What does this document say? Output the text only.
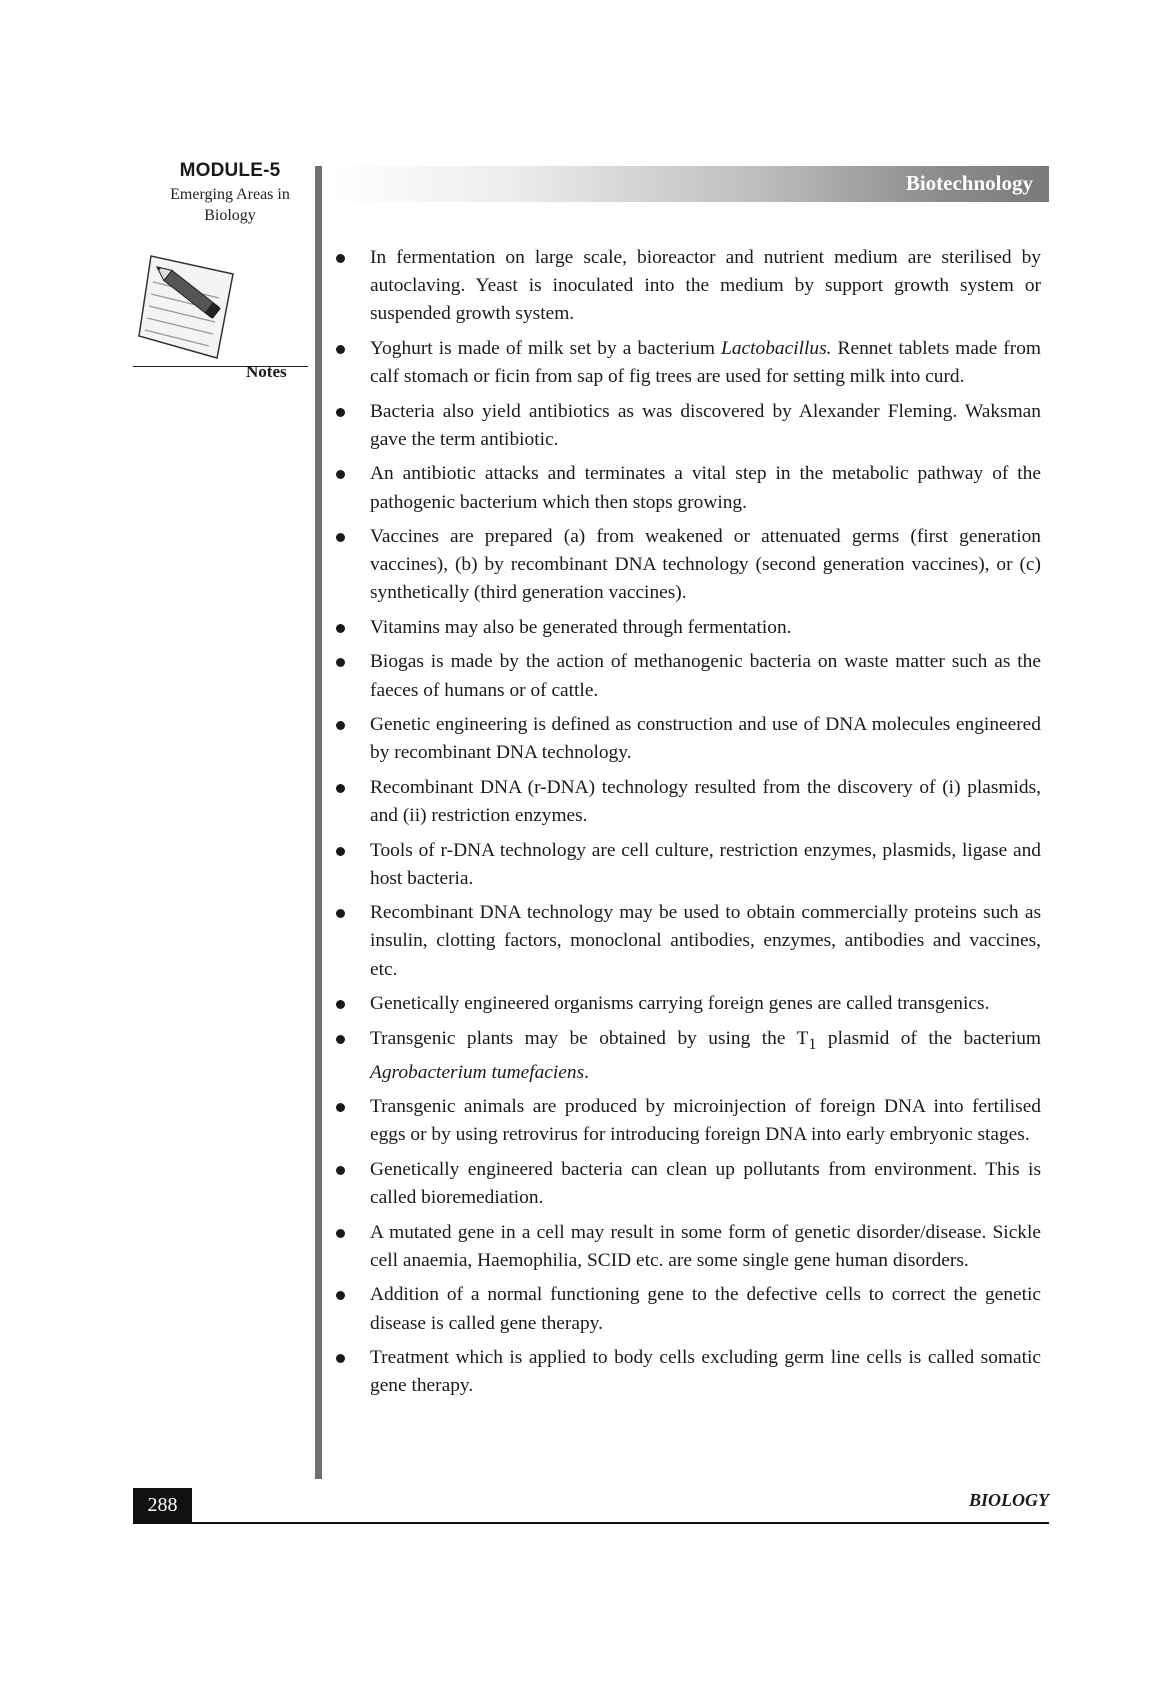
MODULE-5
Emerging Areas in
Biology
Notes
Biotechnology
In fermentation on large scale, bioreactor and nutrient medium are sterilised by autoclaving. Yeast is inoculated into the medium by support growth system or suspended growth system.
Yoghurt is made of milk set by a bacterium Lactobacillus. Rennet tablets made from calf stomach or ficin from sap of fig trees are used for setting milk into curd.
Bacteria also yield antibiotics as was discovered by Alexander Fleming. Waksman gave the term antibiotic.
An antibiotic attacks and terminates a vital step in the metabolic pathway of the pathogenic bacterium which then stops growing.
Vaccines are prepared (a) from weakened or attenuated germs (first generation vaccines), (b) by recombinant DNA technology (second generation vaccines), or (c) synthetically (third generation vaccines).
Vitamins may also be generated through fermentation.
Biogas is made by the action of methanogenic bacteria on waste matter such as the faeces of humans or of cattle.
Genetic engineering is defined as construction and use of DNA molecules engineered by recombinant DNA technology.
Recombinant DNA (r-DNA) technology resulted from the discovery of (i) plasmids, and (ii) restriction enzymes.
Tools of r-DNA technology are cell culture, restriction enzymes, plasmids, ligase and host bacteria.
Recombinant DNA technology may be used to obtain commercially proteins such as insulin, clotting factors, monoclonal antibodies, enzymes, antibodies and vaccines, etc.
Genetically engineered organisms carrying foreign genes are called transgenics.
Transgenic plants may be obtained by using the $T_1$ plasmid of the bacterium Agrobacterium tumefaciens.
Transgenic animals are produced by microinjection of foreign DNA into fertilised eggs or by using retrovirus for introducing foreign DNA into early embryonic stages.
Genetically engineered bacteria can clean up pollutants from environment. This is called bioremediation.
A mutated gene in a cell may result in some form of genetic disorder/disease. Sickle cell anaemia, Haemophilia, SCID etc. are some single gene human disorders.
Addition of a normal functioning gene to the defective cells to correct the genetic disease is called gene therapy.
Treatment which is applied to body cells excluding germ line cells is called somatic gene therapy.
288	BIOLOGY
